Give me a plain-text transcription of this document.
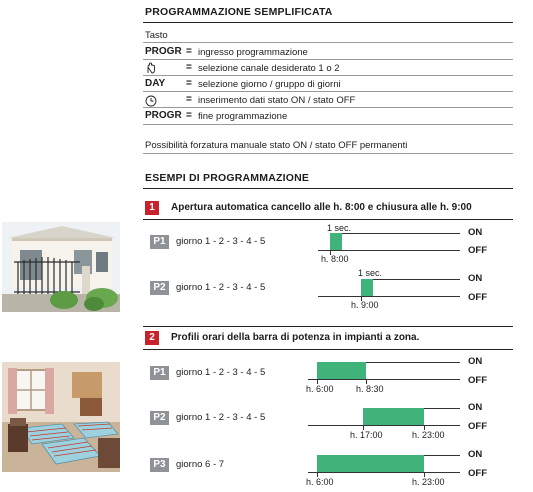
PROGRAMMAZIONE SEMPLIFICATA
Tasto
PROGR = ingresso programmazione
= selezione canale desiderato 1 o 2
DAY = selezione giorno / gruppo di giorni
= inserimento dati stato ON / stato OFF
PROGR = fine programmazione
Possibilità forzatura manuale stato ON / stato OFF permanenti
ESEMPI DI PROGRAMMAZIONE
1	Apertura automatica cancello alle h. 8:00 e chiusura alle h. 9:00
P1	giorno 1 - 2 - 3 - 4 - 5
1 sec.
h. 8:00
ON
OFF
P2	giorno 1 - 2 - 3 - 4 - 5
1 sec.
h. 9:00
ON
OFF
2	Profili orari della barra di potenza in impianti a zona.
P1	giorno 1 - 2 - 3 - 4 - 5
h. 6:00 h. 8:30
ON
OFF
P2	giorno 1 - 2 - 3 - 4 - 5
h. 17:00	h. 23:00
ON
OFF
P3	giorno 6 - 7
h. 6:00	h. 23:00
ON
OFF
